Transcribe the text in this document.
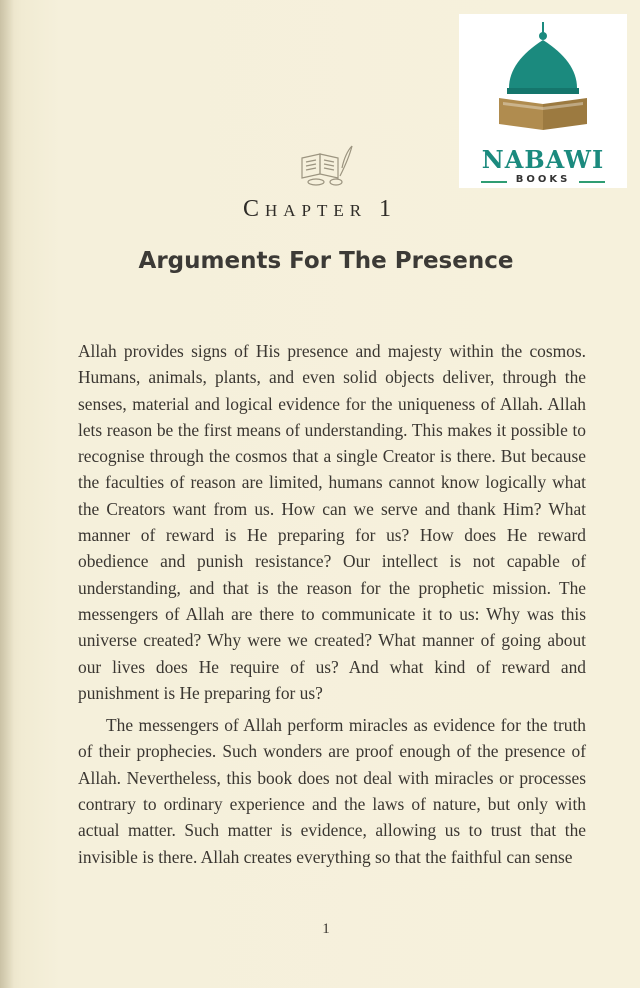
NABAWI
BOOKS
Chapter 1
Arguments For The Presence

Allah provides signs of His presence and majesty within the cosmos. Humans, animals, plants, and even solid objects deliver, through the senses, material and logical evidence for the uniqueness of Allah. Allah lets reason be the first means of understanding. This makes it possible to recognise through the cosmos that a single Creator is there. But because the faculties of reason are limited, humans cannot know logically what the Creators want from us. How can we serve and thank Him? What manner of reward is He preparing for us? How does He reward obedience and punish resistance? Our intellect is not capable of understanding, and that is the reason for the prophetic mission. The messengers of Allah are there to communicate it to us: Why was this universe created? Why were we created? What manner of going about our lives does He require of us? And what kind of reward and punishment is He preparing for us?

The messengers of Allah perform miracles as evidence for the truth of their prophecies. Such wonders are proof enough of the presence of Allah. Nevertheless, this book does not deal with miracles or processes contrary to ordinary experience and the laws of nature, but only with actual matter. Such matter is evidence, allowing us to trust that the invisible is there. Allah creates everything so that the faithful can sense

1
